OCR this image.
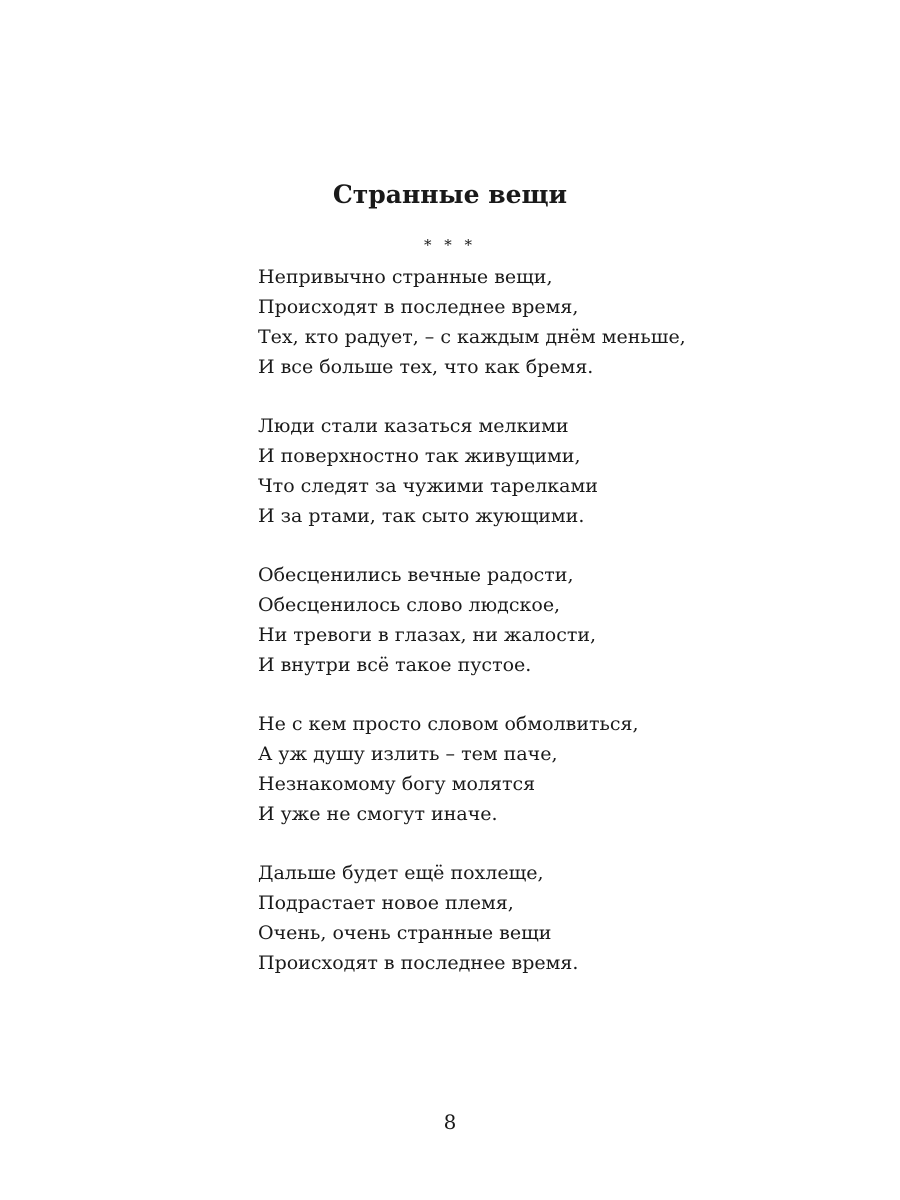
Странные вещи
* * *
Непривычно странные вещи,
Происходят в последнее время,
Тех, кто радует, – с каждым днём меньше,
И все больше тех, что как бремя.
Люди стали казаться мелкими
И поверхностно так живущими,
Что следят за чужими тарелками
И за ртами, так сыто жующими.
Обесценились вечные радости,
Обесценилось слово людское,
Ни тревоги в глазах, ни жалости,
И внутри всё такое пустое.
Не с кем просто словом обмолвиться,
А уж душу излить – тем паче,
Незнакомому богу молятся
И уже не смогут иначе.
Дальше будет ещё похлеще,
Подрастает новое племя,
Очень, очень странные вещи
Происходят в последнее время.
8
